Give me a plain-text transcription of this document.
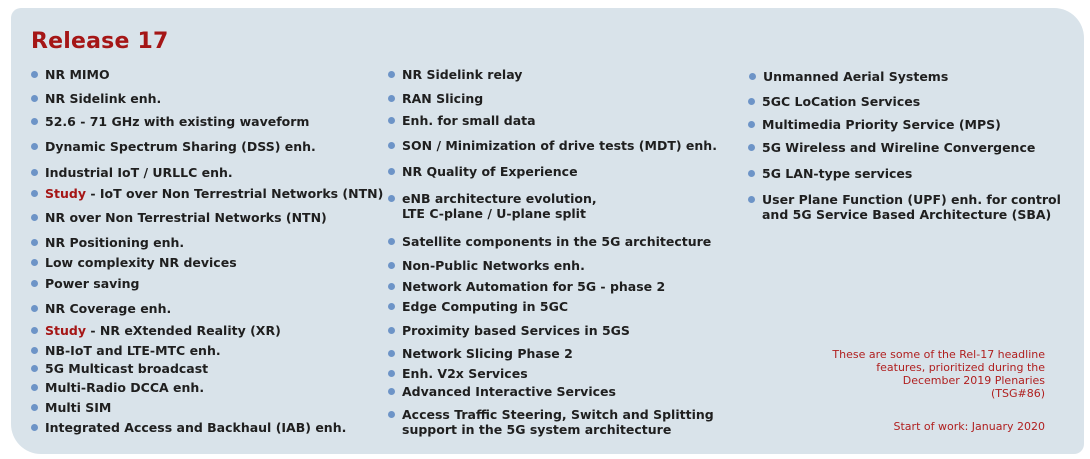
Release 17
NR MIMO
NR Sidelink enh.
52.6 - 71 GHz with existing waveform
Dynamic Spectrum Sharing (DSS) enh.
Industrial IoT / URLLC enh.
Study - IoT over Non Terrestrial Networks (NTN)
NR over Non Terrestrial Networks (NTN)
NR Positioning enh.
Low complexity NR devices
Power saving
NR Coverage enh.
Study - NR eXtended Reality (XR)
NB-IoT and LTE-MTC enh.
5G Multicast broadcast
Multi-Radio DCCA enh.
Multi SIM
Integrated Access and Backhaul (IAB) enh.
NR Sidelink relay
RAN Slicing
Enh. for small data
SON / Minimization of drive tests (MDT) enh.
NR Quality of Experience
eNB architecture evolution,
LTE C-plane / U-plane split
Satellite components in the 5G architecture
Non-Public Networks enh.
Network Automation for 5G - phase 2
Edge Computing in 5GC
Proximity based Services in 5GS
Network Slicing Phase 2
Enh. V2x Services
Advanced Interactive Services
Access Traffic Steering, Switch and Splitting
support in the 5G system architecture
Unmanned Aerial Systems
5GC LoCation Services
Multimedia Priority Service (MPS)
5G Wireless and Wireline Convergence
5G LAN-type services
User Plane Function (UPF) enh. for control
and 5G Service Based Architecture (SBA)
These are some of the Rel-17 headline
features, prioritized during the
December 2019 Plenaries
(TSG#86)
Start of work: January 2020
